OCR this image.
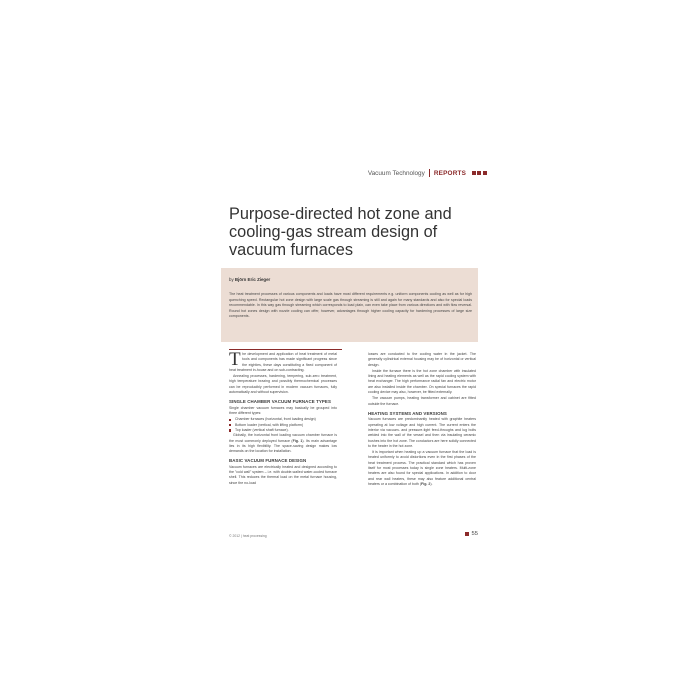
Vacuum Technology REPORTS
Purpose-directed hot zone and cooling-gas stream design of vacuum furnaces
by Björn Eric Zieger
The heat treatment processes of various components and loads have most different requirements e.g. uniform components cooling as well as for high quenching speed. Rectangular hot zone design with large scale gas through streaming is still and again for many standards and also for special loads recommendable. In this way gas through streaming which corresponds to load plain, can even take place from various directions and with flow reversal. Round hot zones design with nozzle cooling can offer, however, advantages through higher cooling capacity for hardening processes of large size components.

The development and application of heat treatment of metal tools and components has made significant progress since the eighties, these days constituting a fixed component of heat treatment in-house and on sub-contracting.

Annealing processes, hardening, tempering, sub-zero treatment, high temperature brazing and possibly thermochemical processes can be reproducibly performed in modern vacuum furnaces, fully automatically and without supervision.

SINGLE CHAMBER VACUUM FURNACE TYPES

Single chamber vacuum furnaces may basically be grouped into three different types:

Chamber furnaces (horizontal, front loading design)
Bottom loader (vertical, with lifting platform)
Top loader (vertical shaft furnace).

Globally, the horizontal front loading vacuum chamber furnace is the most commonly deployed furnace (Fig. 1). Its main advantage lies in its high flexibility. The space-saving design makes low demands on the location for installation.

BASIC VACUUM FURNACE DESIGN

Vacuum furnaces are electrically heated and designed according to the "cold wall" system – i.e. with double-walled water-cooled furnace shell. This reduces the thermal load on the metal furnace housing, since the no-load

losses are conducted to the cooling water in the jacket. The generally cylindrical external housing may be of horizontal or vertical design.

Inside the furnace there is the hot zone chamber with insulated lining and heating elements as well as the rapid cooling system with heat exchanger. The high performance radial fan and electric motor are also installed inside the chamber. On special furnaces the rapid cooling device may also, however, be fitted externally.

The vacuum pumps, heating transformer and cabinet are fitted outside the furnace.

HEATING SYSTEMS AND VERSIONS

Vacuum furnaces are predominantly heated with graphite heaters operating at low voltage and high current. The current enters the interior via vacuum- and pressure-tight feed-throughs and lug bolts welded into the wall of the vessel and then via insulating ceramic bushes into the hot zone. The conductors are here solidly connected to the heater in the hot zone.

It is important when heating up a vacuum furnace that the load is heated uniformly to avoid distortions even in the first phases of the heat treatment process. The practical standard which has proven itself for most processes today is single zone heaters. Multi-zone heaters are also found for special applications. In addition to door and rear wall heaters, these may also feature additional central heaters or a combination of both (Fig. 2).

© 2012 | heat processing	55
